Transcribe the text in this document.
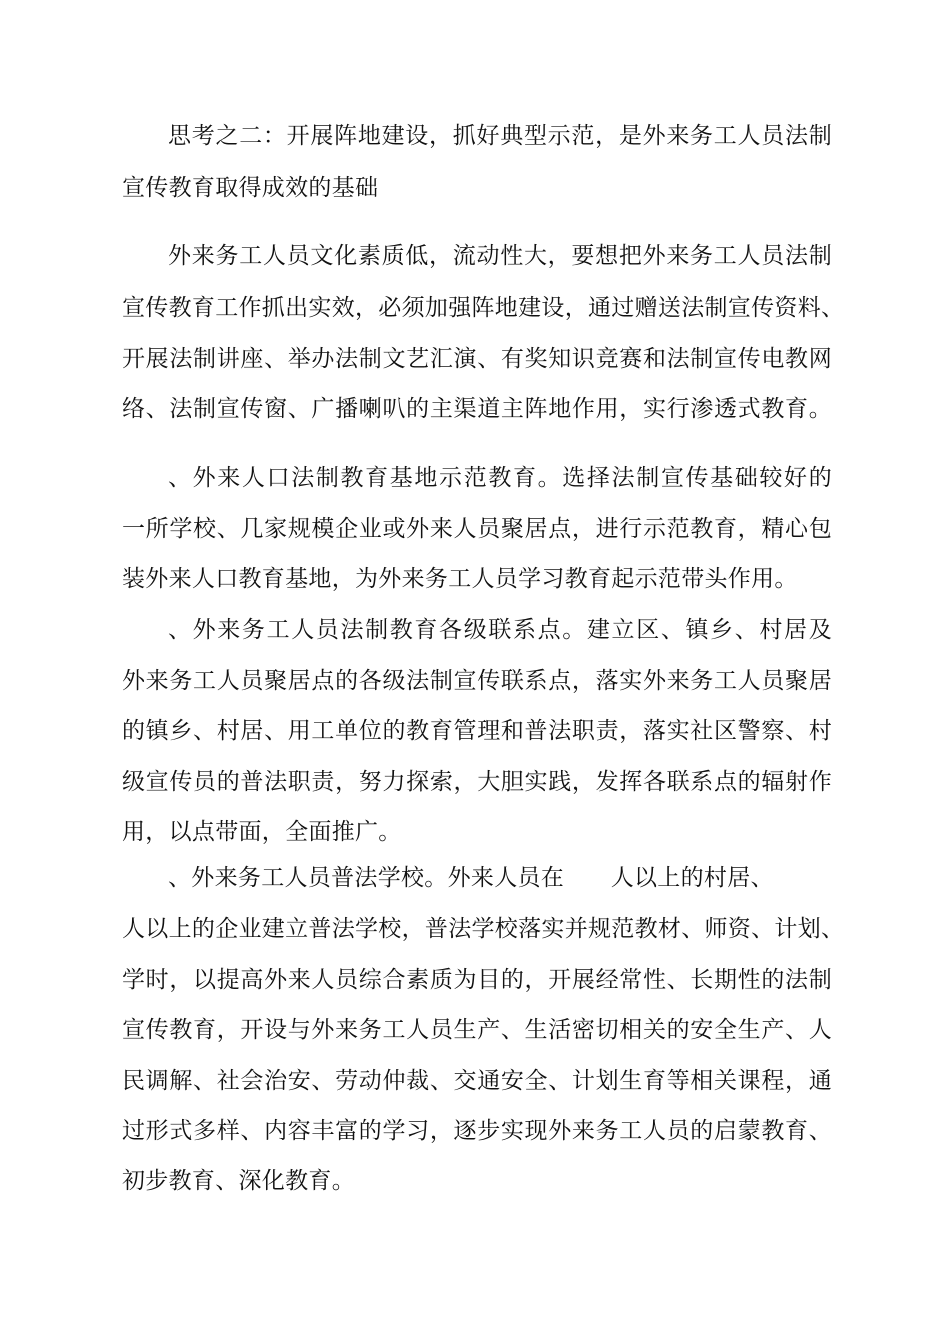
思考之二：开展阵地建设，抓好典型示范，是外来务工人员法制
宣传教育取得成效的基础
外来务工人员文化素质低，流动性大，要想把外来务工人员法制
宣传教育工作抓出实效，必须加强阵地建设，通过赠送法制宣传资料、
开展法制讲座、举办法制文艺汇演、有奖知识竞赛和法制宣传电教网
络、法制宣传窗、广播喇叭的主渠道主阵地作用，实行渗透式教育。
、外来人口法制教育基地示范教育。选择法制宣传基础较好的
一所学校、几家规模企业或外来人员聚居点，进行示范教育，精心包
装外来人口教育基地，为外来务工人员学习教育起示范带头作用。
、外来务工人员法制教育各级联系点。建立区、镇乡、村居及
外来务工人员聚居点的各级法制宣传联系点，落实外来务工人员聚居
的镇乡、村居、用工单位的教育管理和普法职责，落实社区警察、村
级宣传员的普法职责，努力探索，大胆实践，发挥各联系点的辐射作
用，以点带面，全面推广。
、外来务工人员普法学校。外来人员在　　人以上的村居、
人以上的企业建立普法学校，普法学校落实并规范教材、师资、计划、
学时，以提高外来人员综合素质为目的，开展经常性、长期性的法制
宣传教育，开设与外来务工人员生产、生活密切相关的安全生产、人
民调解、社会治安、劳动仲裁、交通安全、计划生育等相关课程，通
过形式多样、内容丰富的学习，逐步实现外来务工人员的启蒙教育、
初步教育、深化教育。
